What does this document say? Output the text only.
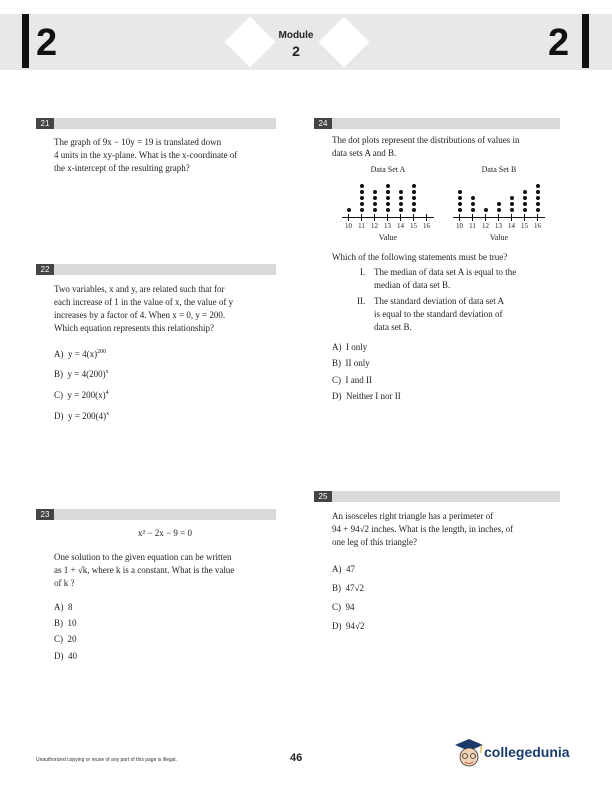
2	Module
2	2
21
The graph of 9x − 10y = 19 is translated down
4 units in the xy-plane. What is the x-coordinate of
the x-intercept of the resulting graph?
22
Two variables, x and y, are related such that for
each increase of 1 in the value of x, the value of y
increases by a factor of 4. When x = 0, y = 200.
Which equation represents this relationship?
A) $y = 4(x)^{200}$
B) $y = 4(200)^x$
C) $y = 200(x)^4$
D) $y = 200(4)^x$
23
x² − 2x − 9 = 0
One solution to the given equation can be written
as 1 + √k, where k is a constant. What is the value
of k ?
A) 8
B) 10
C) 20
D) 40
24
The dot plots represent the distributions of values in
data sets A and B.
Data Set A
10 11 12 13 14 15 16
Value
Data Set B
10 11 12 13 14 15 16
Value
Which of the following statements must be true?
I. The median of data set A is equal to the
median of data set B.
II. The standard deviation of data set A
is equal to the standard deviation of
data set B.
A) I only
B) II only
C) I and II
D) Neither I nor II
25
An isosceles right triangle has a perimeter of
94 + 94√2 inches. What is the length, in inches, of
one leg of this triangle?
A) 47
B) 47√2
C) 94
D) 94√2
Unauthorized copying or reuse of any part of this page is illegal.	46	collegedunia
